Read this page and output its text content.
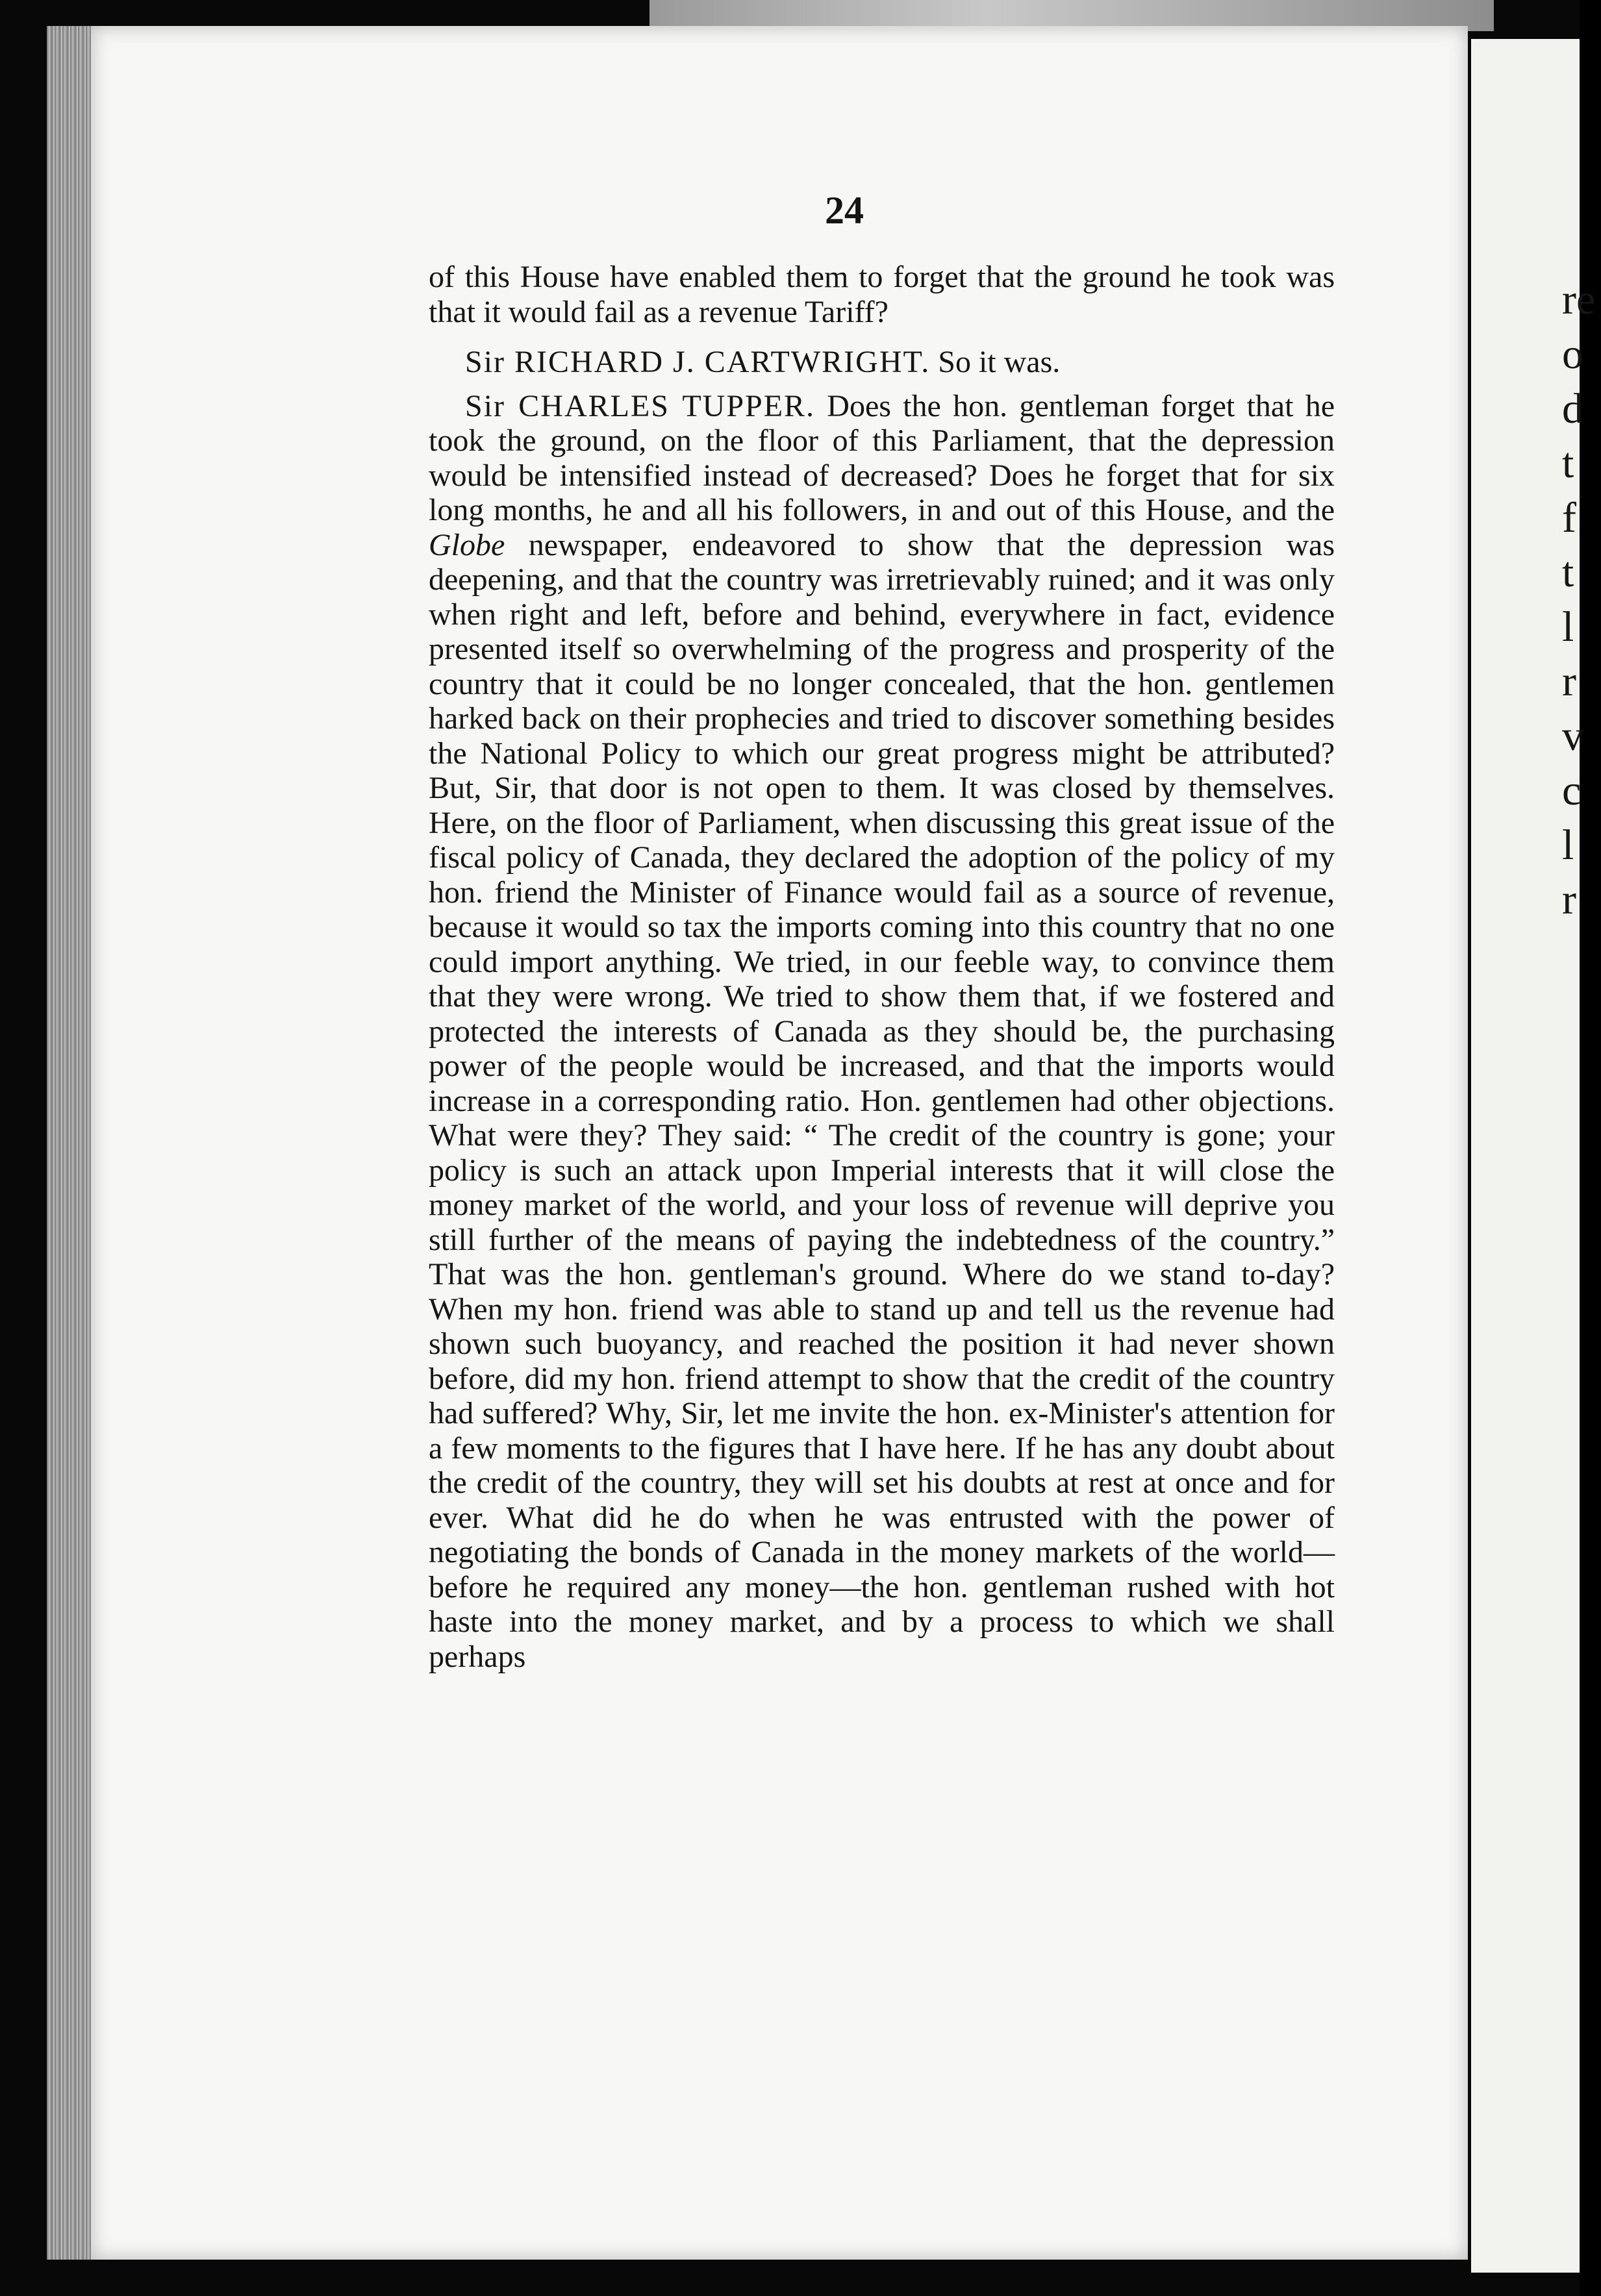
re
o
d
t
f
t
l
r
v
c
l
r
24

of this House have enabled them to forget that the ground he took was that it would fail as a revenue Tariff?

Sir RICHARD J. CARTWRIGHT. So it was.

Sir CHARLES TUPPER. Does the hon. gentleman forget that he took the ground, on the floor of this Parliament, that the depression would be intensified instead of decreased? Does he forget that for six long months, he and all his followers, in and out of this House, and the Globe newspaper, endeavored to show that the depression was deepening, and that the country was irretrievably ruined; and it was only when right and left, before and behind, everywhere in fact, evidence presented itself so overwhelming of the progress and prosperity of the country that it could be no longer concealed, that the hon. gentlemen harked back on their prophecies and tried to discover something besides the National Policy to which our great progress might be attributed? But, Sir, that door is not open to them. It was closed by themselves. Here, on the floor of Parliament, when discussing this great issue of the fiscal policy of Canada, they declared the adoption of the policy of my hon. friend the Minister of Finance would fail as a source of revenue, because it would so tax the imports coming into this country that no one could import anything. We tried, in our feeble way, to convince them that they were wrong. We tried to show them that, if we fostered and protected the interests of Canada as they should be, the purchasing power of the people would be increased, and that the imports would increase in a corresponding ratio. Hon. gentlemen had other objections. What were they? They said: “ The credit of the country is gone; your policy is such an attack upon Imperial interests that it will close the money market of the world, and your loss of revenue will deprive you still further of the means of paying the indebtedness of the country.” That was the hon. gentleman's ground. Where do we stand to-day? When my hon. friend was able to stand up and tell us the revenue had shown such buoyancy, and reached the position it had never shown before, did my hon. friend attempt to show that the credit of the country had suffered? Why, Sir, let me invite the hon. ex-Minister's attention for a few moments to the figures that I have here. If he has any doubt about the credit of the country, they will set his doubts at rest at once and for ever. What did he do when he was entrusted with the power of negotiating the bonds of Canada in the money markets of the world—before he required any money—the hon. gentleman rushed with hot haste into the money market, and by a process to which we shall perhaps
